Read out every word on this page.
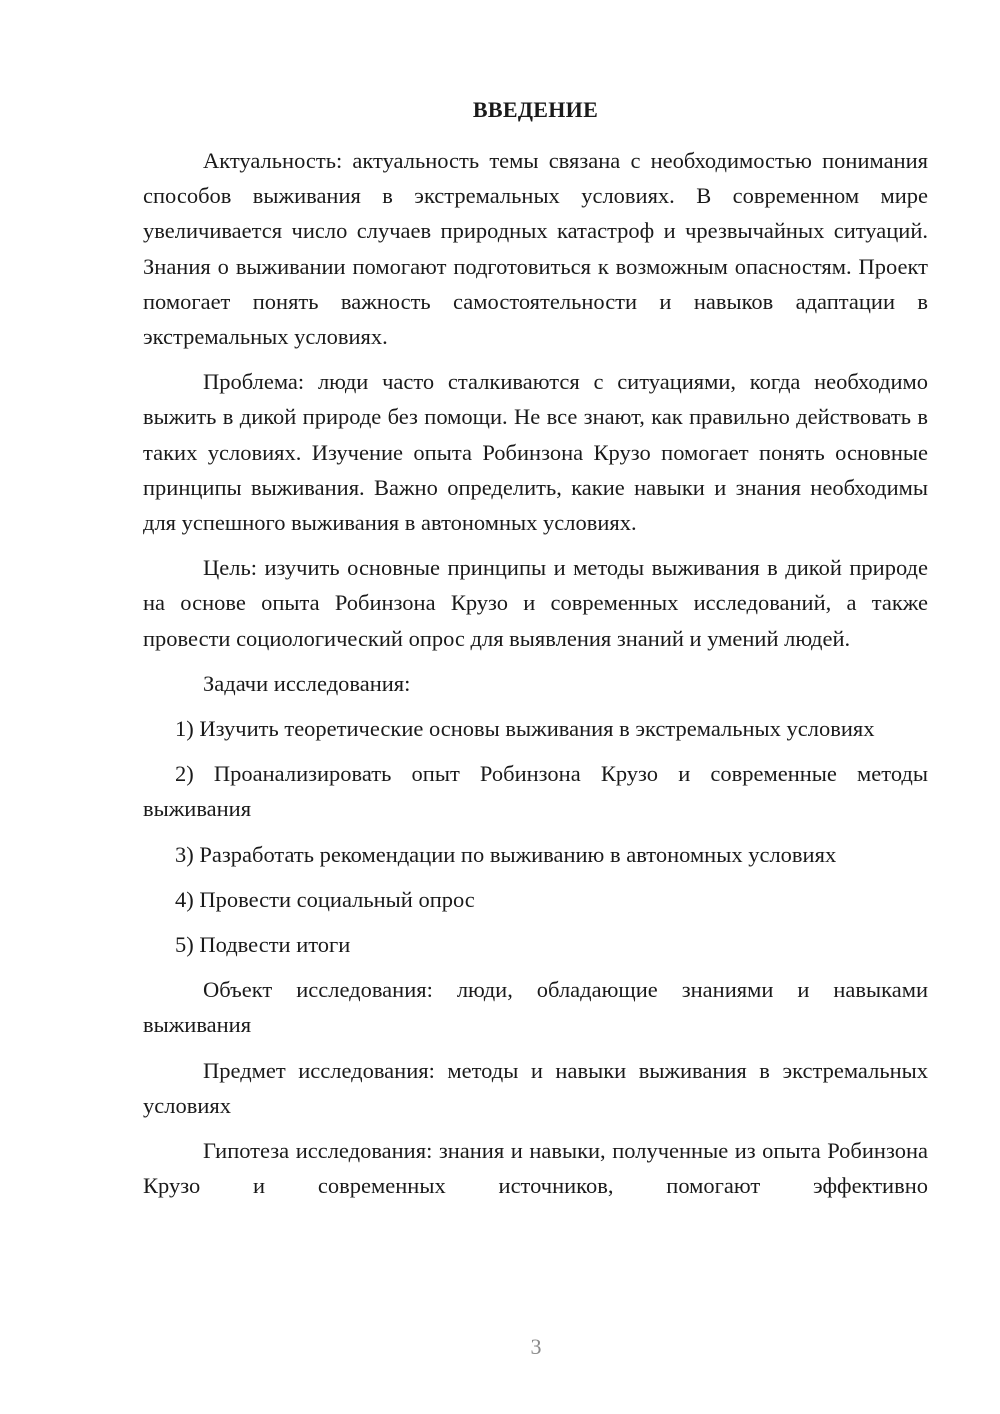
ВВЕДЕНИЕ

Актуальность: актуальность темы связана с необходимостью понимания способов выживания в экстремальных условиях. В современном мире увеличивается число случаев природных катастроф и чрезвычайных ситуаций. Знания о выживании помогают подготовиться к возможным опасностям. Проект помогает понять важность самостоятельности и навыков адаптации в экстремальных условиях.

Проблема: люди часто сталкиваются с ситуациями, когда необходимо выжить в дикой природе без помощи. Не все знают, как правильно действовать в таких условиях. Изучение опыта Робинзона Крузо помогает понять основные принципы выживания. Важно определить, какие навыки и знания необходимы для успешного выживания в автономных условиях.

Цель: изучить основные принципы и методы выживания в дикой природе на основе опыта Робинзона Крузо и современных исследований, а также провести социологический опрос для выявления знаний и умений людей.

Задачи исследования:

1) Изучить теоретические основы выживания в экстремальных условиях

2) Проанализировать опыт Робинзона Крузо и современные методы выживания

3) Разработать рекомендации по выживанию в автономных условиях

4) Провести социальный опрос

5) Подвести итоги

Объект исследования: люди, обладающие знаниями и навыками выживания

Предмет исследования: методы и навыки выживания в экстремальных условиях

Гипотеза исследования: знания и навыки, полученные из опыта Робинзона Крузо и современных источников, помогают эффективно

3
